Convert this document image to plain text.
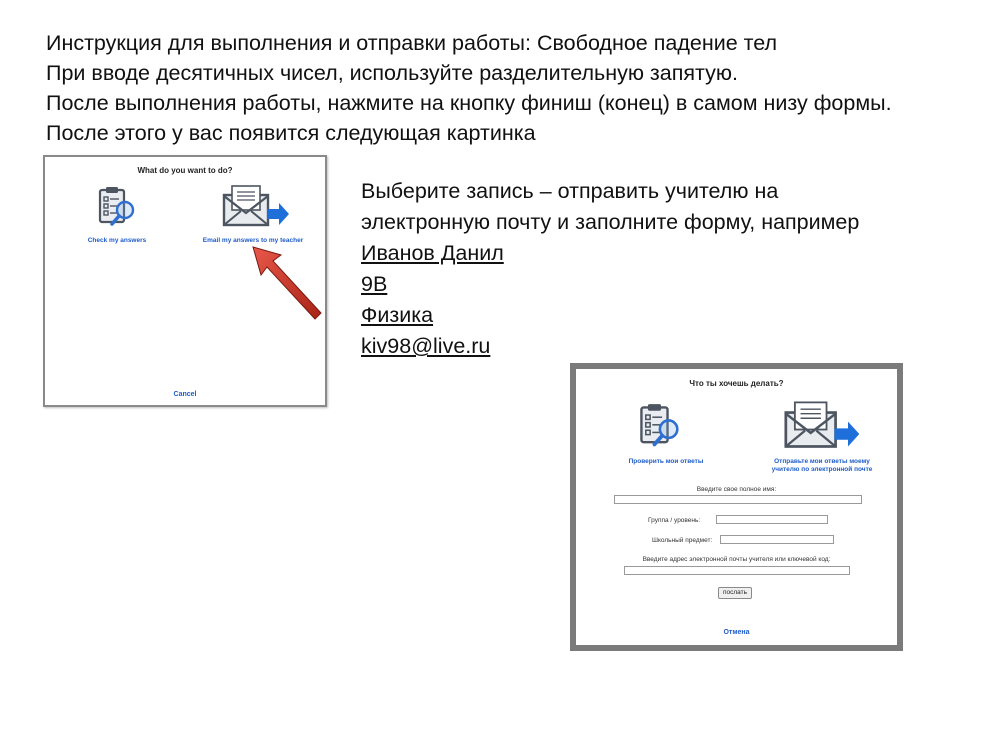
Инструкция для выполнения и отправки работы: Свободное падение тел
При вводе десятичных чисел, используйте разделительную запятую.
После выполнения работы, нажмите на кнопку финиш (конец) в самом низу формы.
После этого у вас появится следующая картинка
What do you want to do?
Check my answers	Email my answers to my teacher
Cancel
Выберите запись – отправить учителю на
электронную почту и заполните форму, например
Иванов Данил
9В
Физика
kiv98@live.ru
Что ты хочешь делать?
Проверить мои ответы	Отправьте мои ответы моему
учителю по электронной почте
Введите свое полное имя:
Группа / уровень:
Школьный предмет:
Введите адрес электронной почты учителя или ключевой код:
послать
Отмена
